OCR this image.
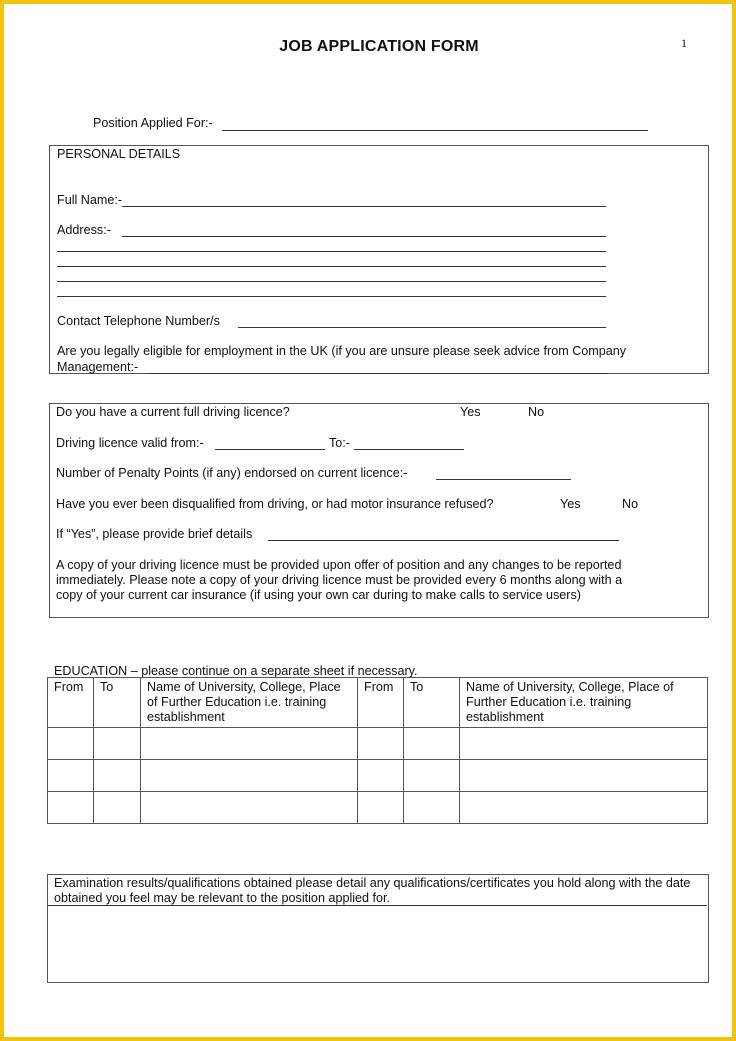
JOB APPLICATION FORM	1
Position Applied For:-
PERSONAL DETAILS
Full Name:-
Address:-
Contact Telephone Number/s
Are you legally eligible for employment in the UK (if you are unsure please seek advice from Company
Management:-
Do you have a current full driving licence?	Yes	No
Driving licence valid from:-	To:-
Number of Penalty Points (if any) endorsed on current licence:-
Have you ever been disqualified from driving, or had motor insurance refused?	Yes	No
If “Yes”, please provide brief details
A copy of your driving licence must be provided upon offer of position and any changes to be reported
immediately. Please note a copy of your driving licence must be provided every 6 months along with a
copy of your current car insurance (if using your own car during to make calls to service users)
EDUCATION – please continue on a separate sheet if necessary.
From	To	Name of University, College, Place of Further Education i.e. training establishment	From	To	Name of University, College, Place of Further Education i.e. training establishment

Examination results/qualifications obtained please detail any qualifications/certificates you hold along with the date obtained you feel may be relevant to the position applied for.
